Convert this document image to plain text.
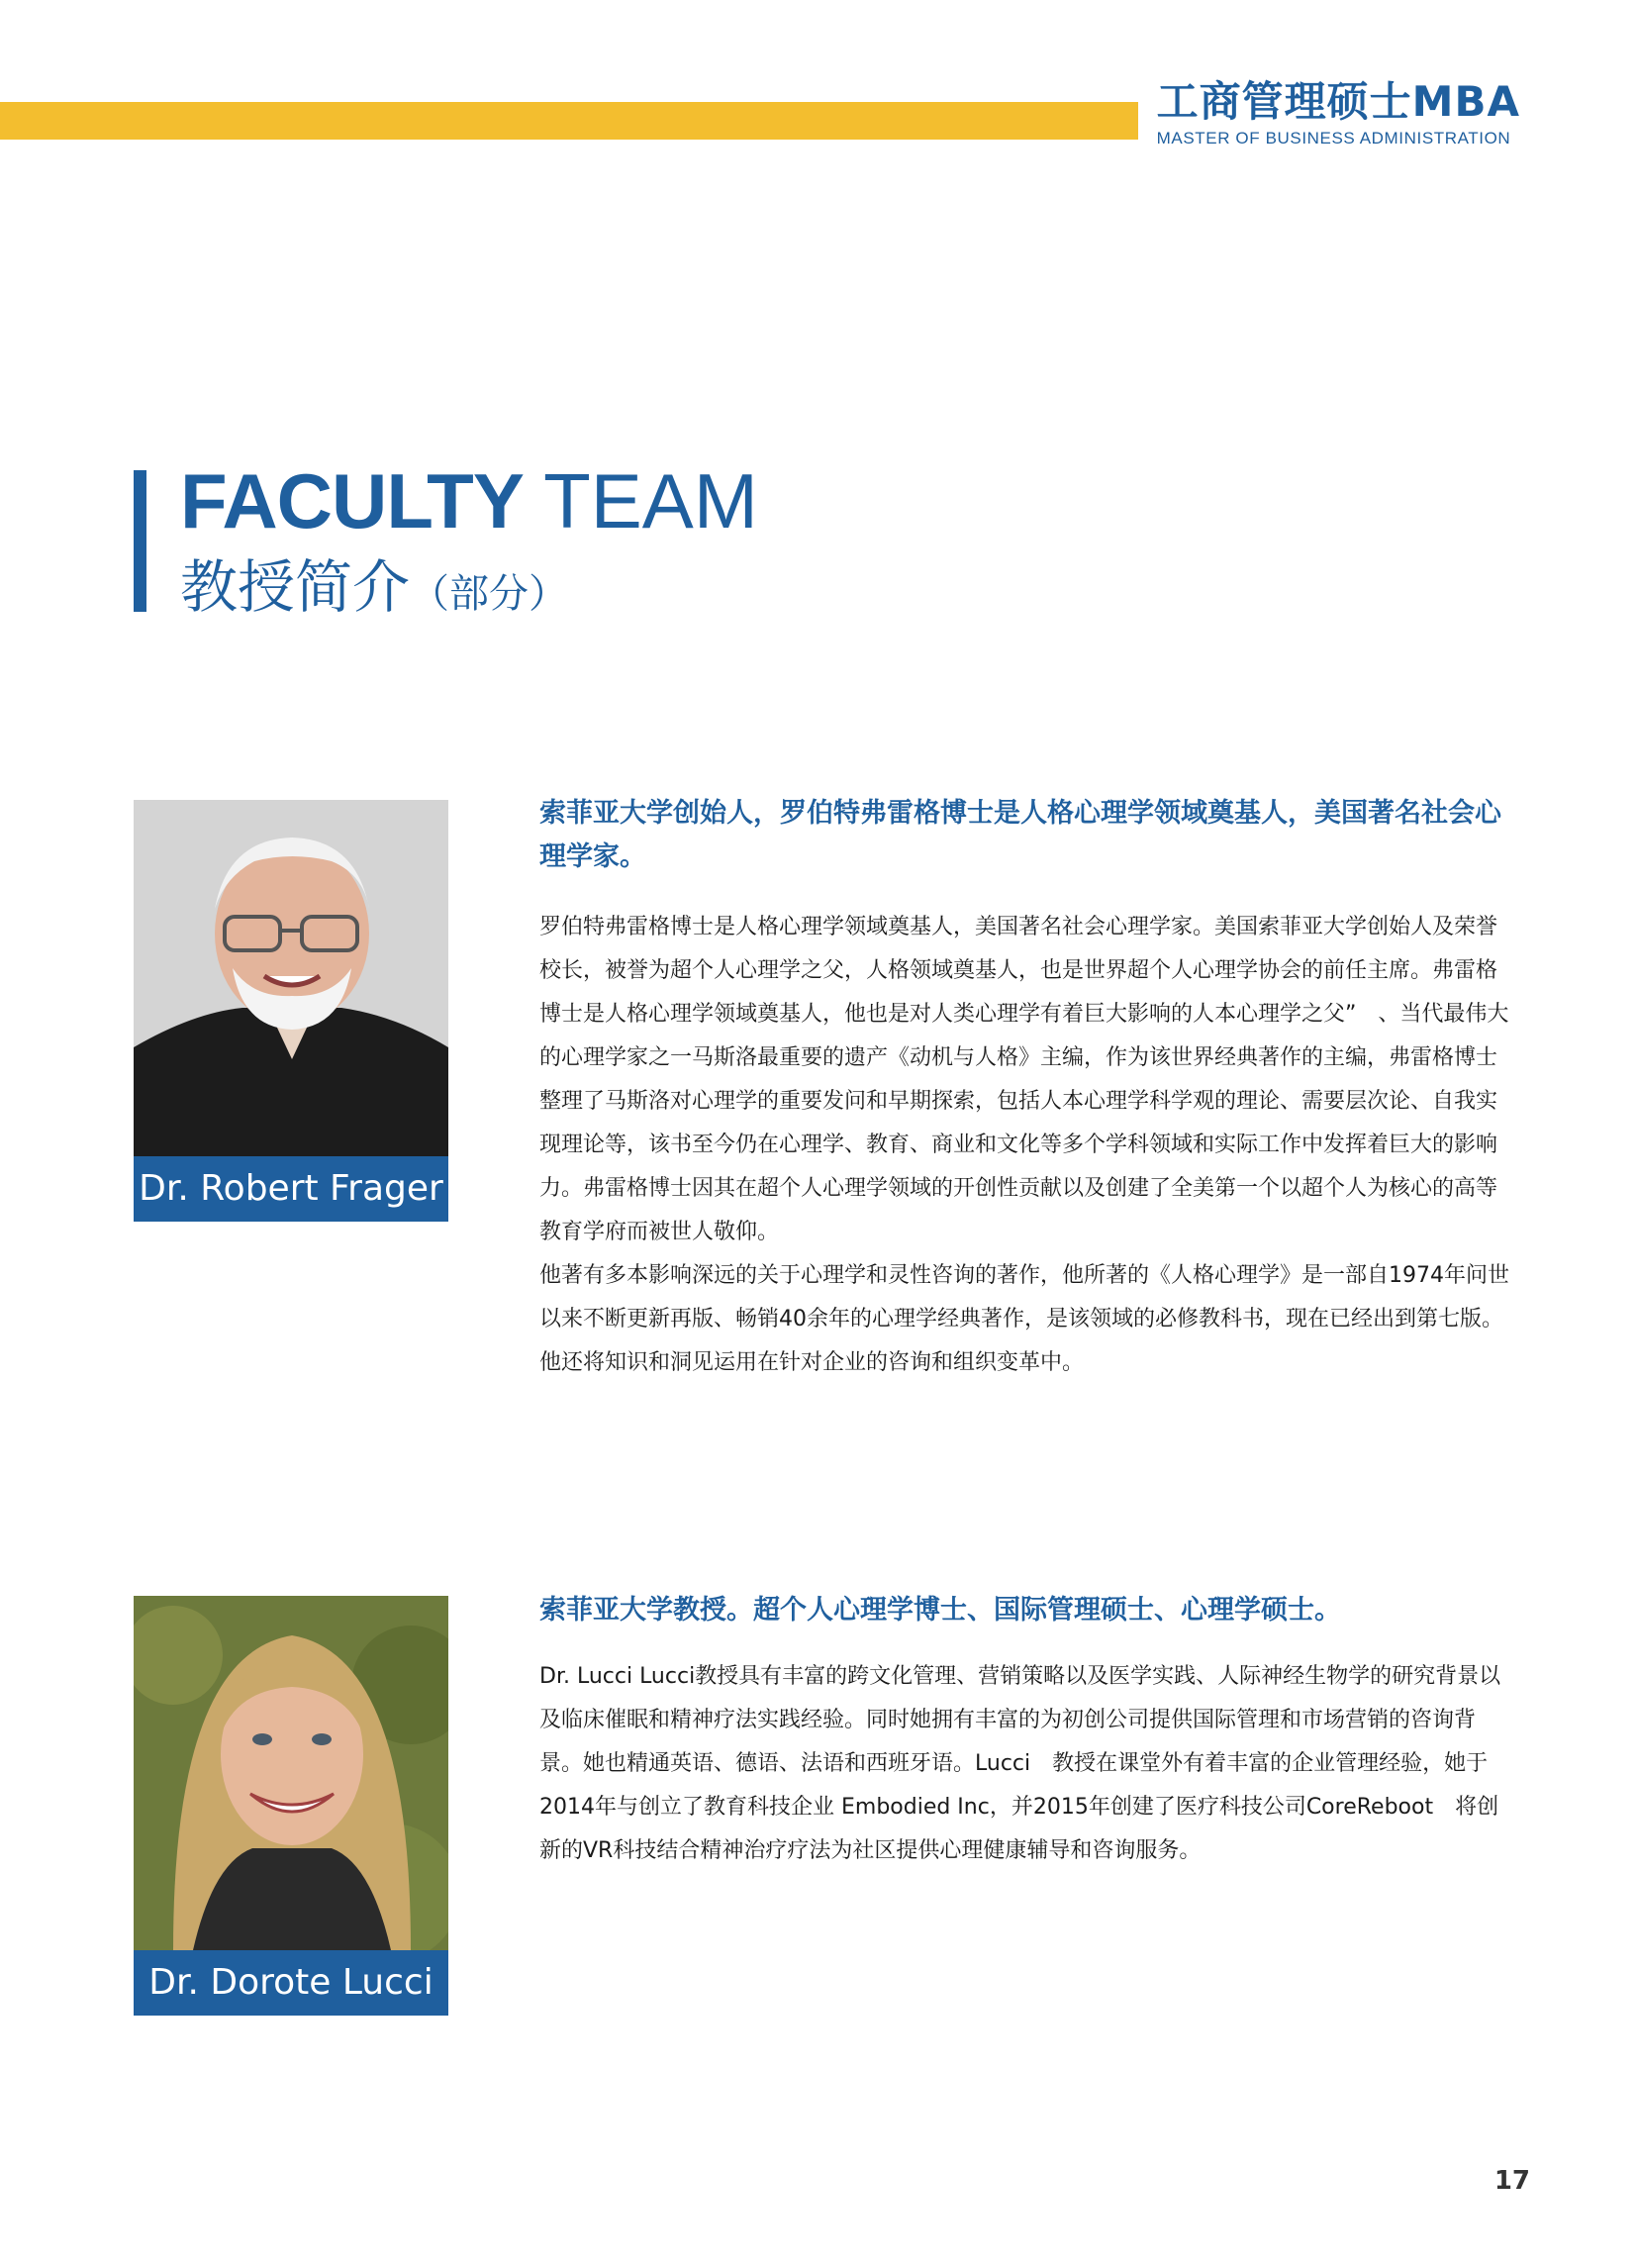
工商管理硕士MBA
MASTER OF BUSINESS ADMINISTRATION
FACULTY TEAM
教授简介（部分）
Dr. Robert Frager
索菲亚大学创始人，罗伯特弗雷格博士是人格心理学领域奠基人，美国著名社会心理学家。

罗伯特弗雷格博士是人格心理学领域奠基人，美国著名社会心理学家。美国索菲亚大学创始人及荣誉校长，被誉为超个人心理学之父，人格领域奠基人，也是世界超个人心理学协会的前任主席。弗雷格博士是人格心理学领域奠基人，他也是对人类心理学有着巨大影响的人本心理学之父”　、当代最伟大的心理学家之一马斯洛最重要的遗产《动机与人格》主编，作为该世界经典著作的主编，弗雷格博士整理了马斯洛对心理学的重要发问和早期探索，包括人本心理学科学观的理论、需要层次论、自我实现理论等，该书至今仍在心理学、教育、商业和文化等多个学科领域和实际工作中发挥着巨大的影响力。弗雷格博士因其在超个人心理学领域的开创性贡献以及创建了全美第一个以超个人为核心的高等教育学府而被世人敬仰。

他著有多本影响深远的关于心理学和灵性咨询的著作，他所著的《人格心理学》是一部自1974年问世以来不断更新再版、畅销40余年的心理学经典著作，是该领域的必修教科书，现在已经出到第七版。他还将知识和洞见运用在针对企业的咨询和组织变革中。

Dr. Dorote Lucci
索菲亚大学教授。超个人心理学博士、国际管理硕士、心理学硕士。

Dr. Lucci Lucci教授具有丰富的跨文化管理、营销策略以及医学实践、人际神经生物学的研究背景以及临床催眠和精神疗法实践经验。同时她拥有丰富的为初创公司提供国际管理和市场营销的咨询背景。她也精通英语、德语、法语和西班牙语。Lucci　教授在课堂外有着丰富的企业管理经验，她于2014年与创立了教育科技企业 Embodied Inc，并2015年创建了医疗科技公司CoreReboot　将创新的VR科技结合精神治疗疗法为社区提供心理健康辅导和咨询服务。

17
